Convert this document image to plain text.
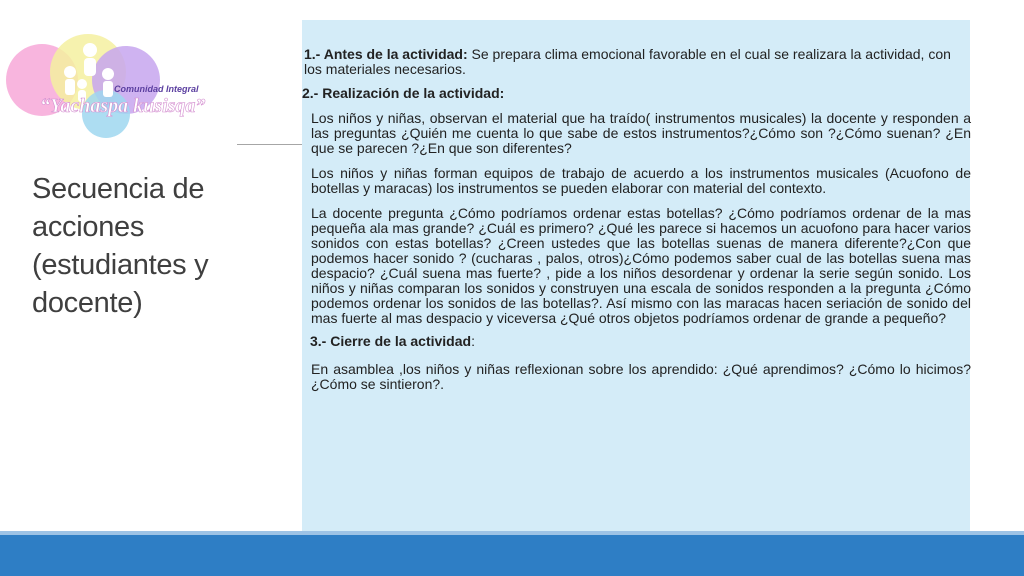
Comunidad Integral
“Yachaspa kusisqa”
Secuencia de acciones (estudiantes y docente)
1.- Antes de la actividad: Se prepara clima emocional favorable en el cual se realizara la actividad, con los materiales necesarios.
2.- Realización de la actividad:

Los niños y niñas, observan el material que ha traído( instrumentos musicales) la docente y responden a las preguntas ¿Quién me cuenta lo que sabe de estos instrumentos?¿Cómo son ?¿Cómo suenan? ¿En que se parecen ?¿En que son diferentes?

Los niños y niñas forman equipos de trabajo de acuerdo a los instrumentos musicales (Acuofono de botellas y maracas) los instrumentos se pueden elaborar con material del contexto.

La docente pregunta ¿Cómo podríamos ordenar estas botellas? ¿Cómo podríamos ordenar de la mas pequeña ala mas grande? ¿Cuál es primero? ¿Qué les parece si hacemos un acuofono para hacer varios sonidos con estas botellas? ¿Creen ustedes que las botellas suenas de manera diferente?¿Con que podemos hacer sonido ? (cucharas , palos, otros)¿Cómo podemos saber cual de las botellas suena mas despacio? ¿Cuál suena mas fuerte? , pide a los niños desordenar y ordenar la serie según sonido. Los niños y niñas comparan los sonidos y construyen una escala de sonidos responden a la pregunta ¿Cómo podemos ordenar los sonidos de las botellas?. Así mismo con las maracas hacen seriación de sonido del mas fuerte al mas despacio y viceversa ¿Qué otros objetos podríamos ordenar de grande a pequeño?

3.- Cierre de la actividad:

En asamblea ,los niños y niñas reflexionan sobre los aprendido: ¿Qué aprendimos? ¿Cómo lo hicimos? ¿Cómo se sintieron?.
